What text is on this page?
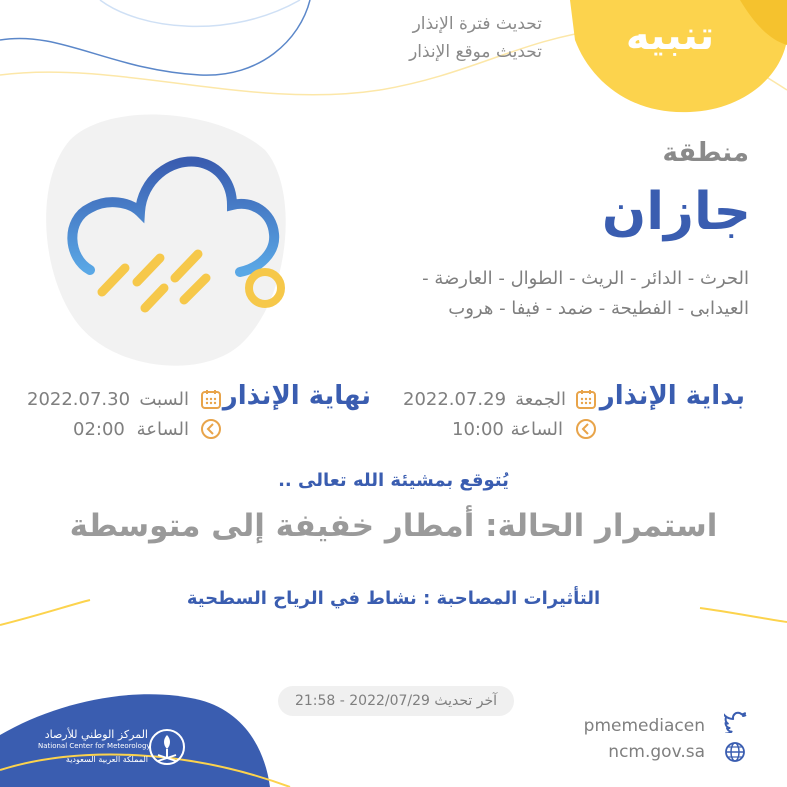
تنبيه
تحديث فترة الإنذار
تحديث موقع الإنذار
منطقة
جازان
الحرث - الدائر - الريث - الطوال - العارضة -
العيدابى - الفطيحة - ضمد - فيفا - هروب
بداية الإنذار
الجمعة
2022.07.29
الساعة
10:00
نهاية الإنذار
السبت
2022.07.30
الساعة
02:00
يُتوقع بمشيئة الله تعالى ..
استمرار الحالة: أمطار خفيفة إلى متوسطة
التأثيرات المصاحبة : نشاط في الرياح السطحية
آخر تحديث 2022/07/29 - 21:58
pmemediacen
ncm.gov.sa
المركز الوطني للأرصاد
National Center for Meteorology
المملكة العربية السعودية
